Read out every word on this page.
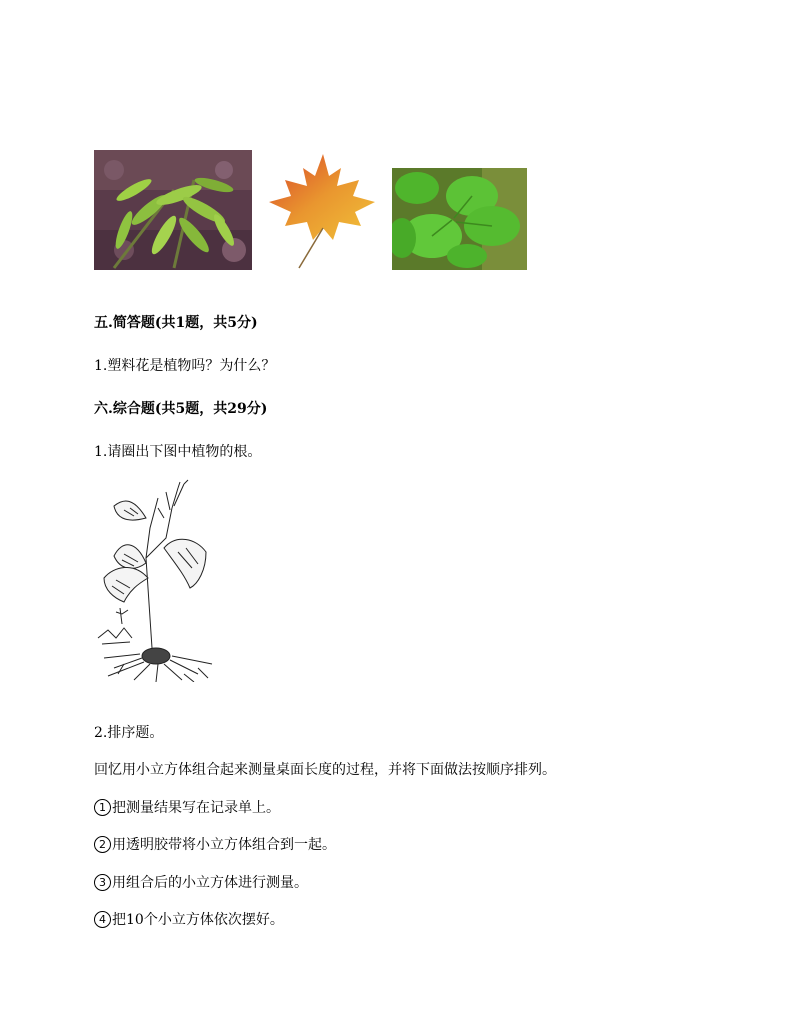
五.简答题(共1题，共5分)
1.塑料花是植物吗？为什么？
六.综合题(共5题，共29分)
1.请圈出下图中植物的根。
2.排序题。
回忆用小立方体组合起来测量桌面长度的过程，并将下面做法按顺序排列。
1 把测量结果写在记录单上。
2 用透明胶带将小立方体组合到一起。
3 用组合后的小立方体进行测量。
4 把10个小立方体依次摆好。
